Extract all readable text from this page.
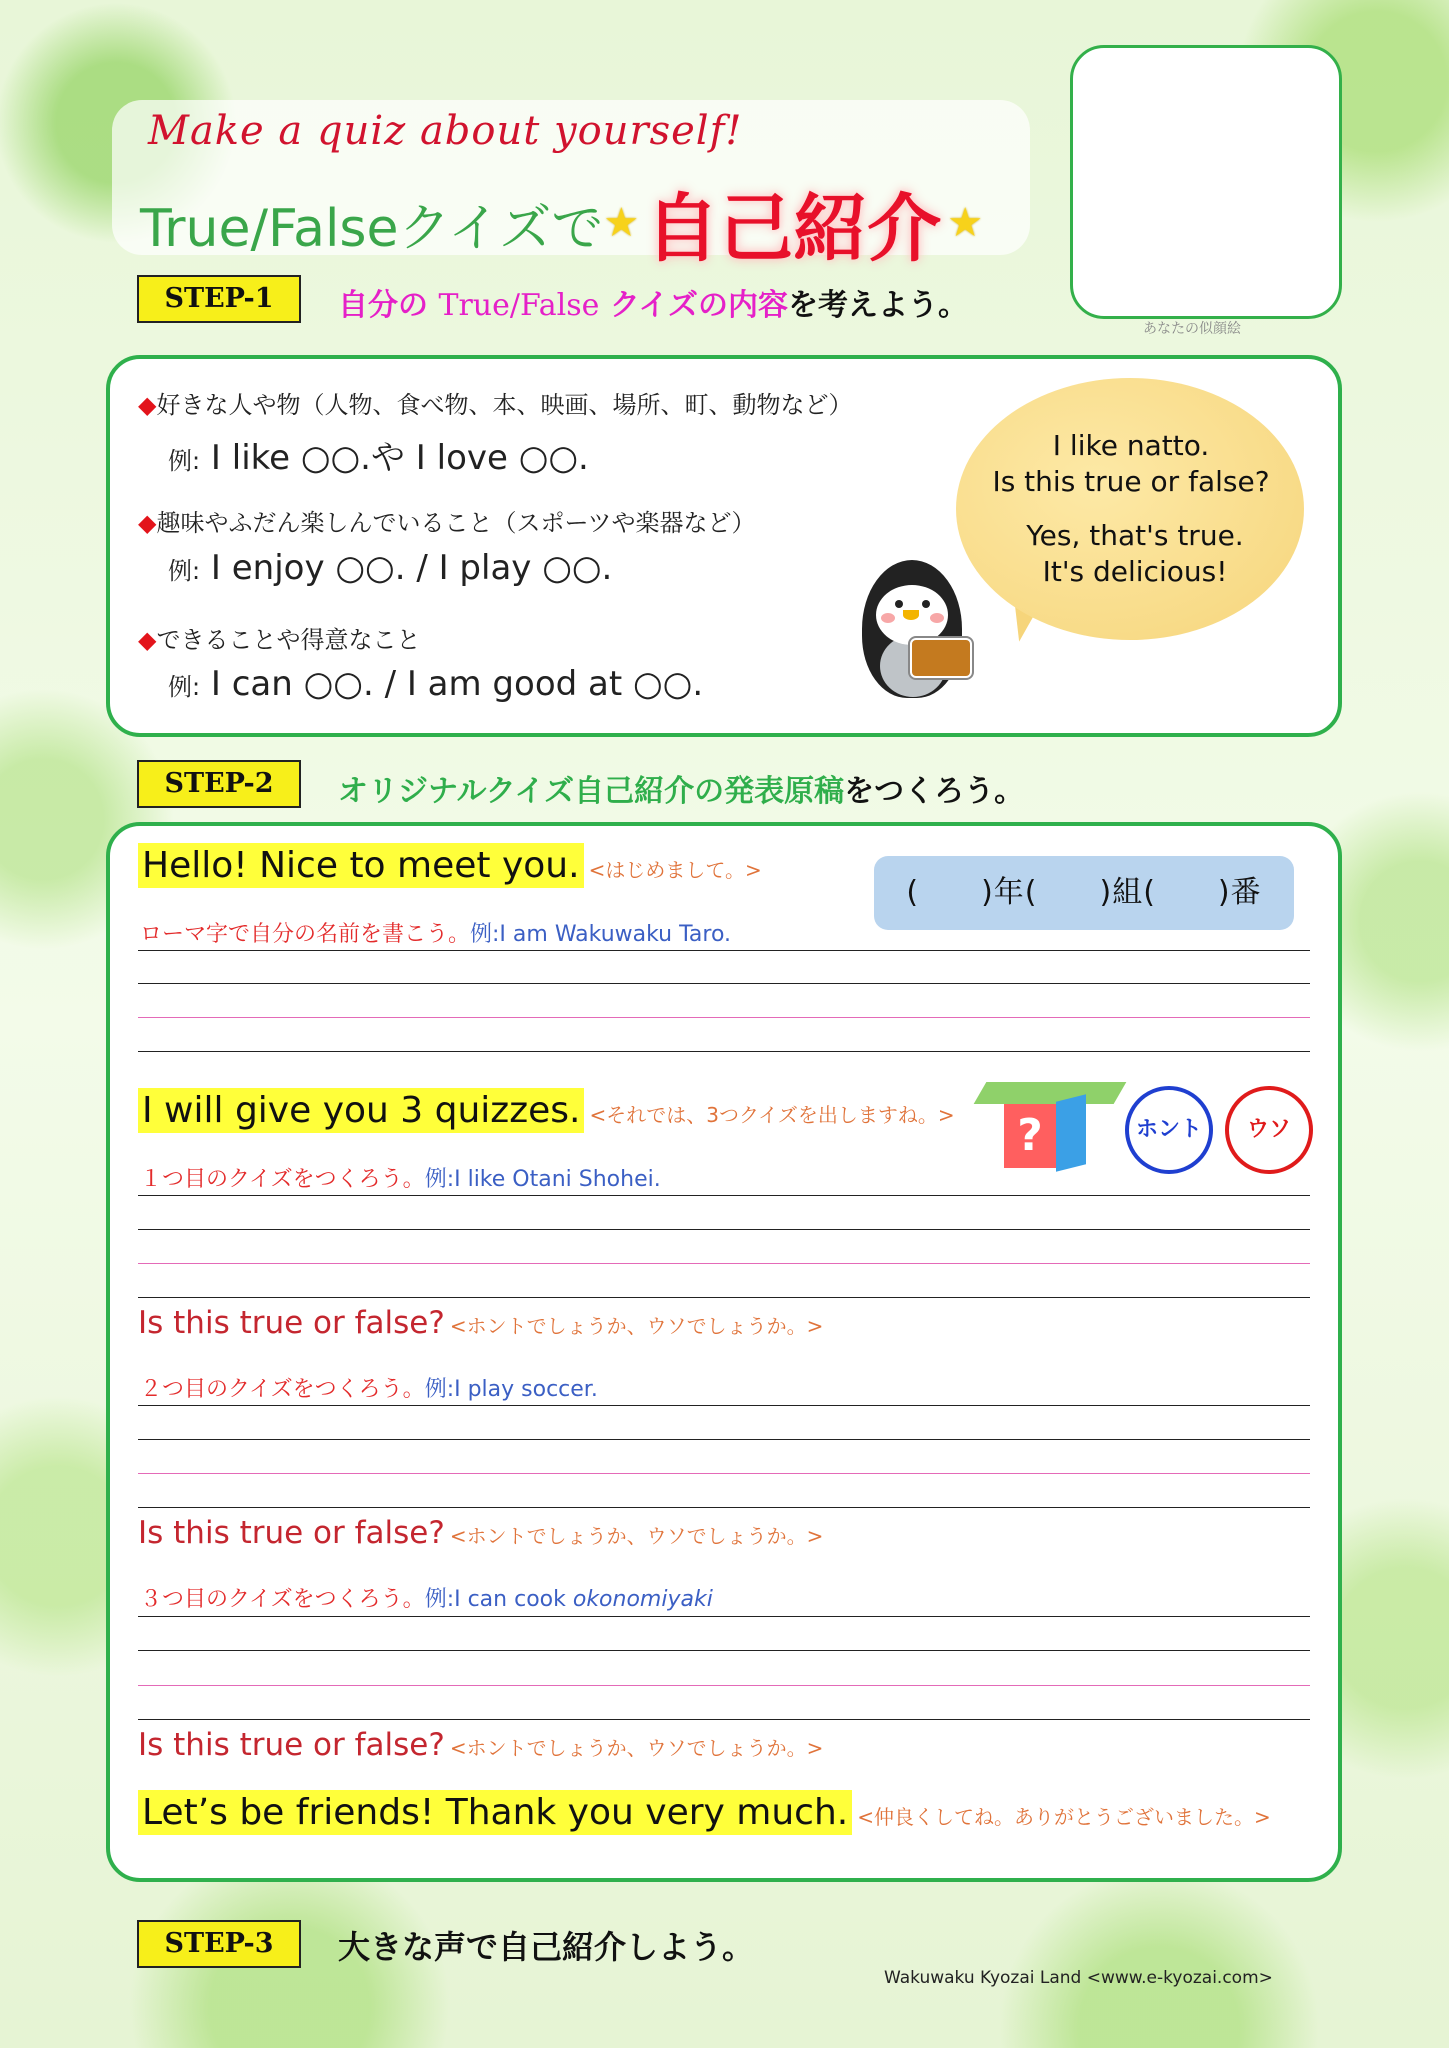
Make a quiz about yourself!
True/Falseクイズで ★ 自己紹介 ★
あなたの似顔絵
STEP-1	自分の True/False クイズの内容を考えよう。
◆好きな人や物（人物、食べ物、本、映画、場所、町、動物など）
例: I like ○○.や I love ○○.
◆趣味やふだん楽しんでいること（スポーツや楽器など）
例: I enjoy ○○. / I play ○○.
◆できることや得意なこと
例: I can ○○. / I am good at ○○.
I like natto.
Is this true or false?
Yes, that's true.
It's delicious!
STEP-2	オリジナルクイズ自己紹介の発表原稿をつくろう。
Hello! Nice to meet you. <はじめまして。>
(　　)年(　　)組(　　)番
ローマ字で自分の名前を書こう。例:I am Wakuwaku Taro.
I will give you 3 quizzes. <それでは、3つクイズを出しますね。>	?	ホント	ウソ
１つ目のクイズをつくろう。例:I like Otani Shohei.
Is this true or false? <ホントでしょうか、ウソでしょうか。>
２つ目のクイズをつくろう。例:I play soccer.
Is this true or false? <ホントでしょうか、ウソでしょうか。>
３つ目のクイズをつくろう。例:I can cook okonomiyaki
Is this true or false? <ホントでしょうか、ウソでしょうか。>
Let’s be friends! Thank you very much. <仲良くしてね。ありがとうございました。>
STEP-3	大きな声で自己紹介しよう。
Wakuwaku Kyozai Land <www.e-kyozai.com>
